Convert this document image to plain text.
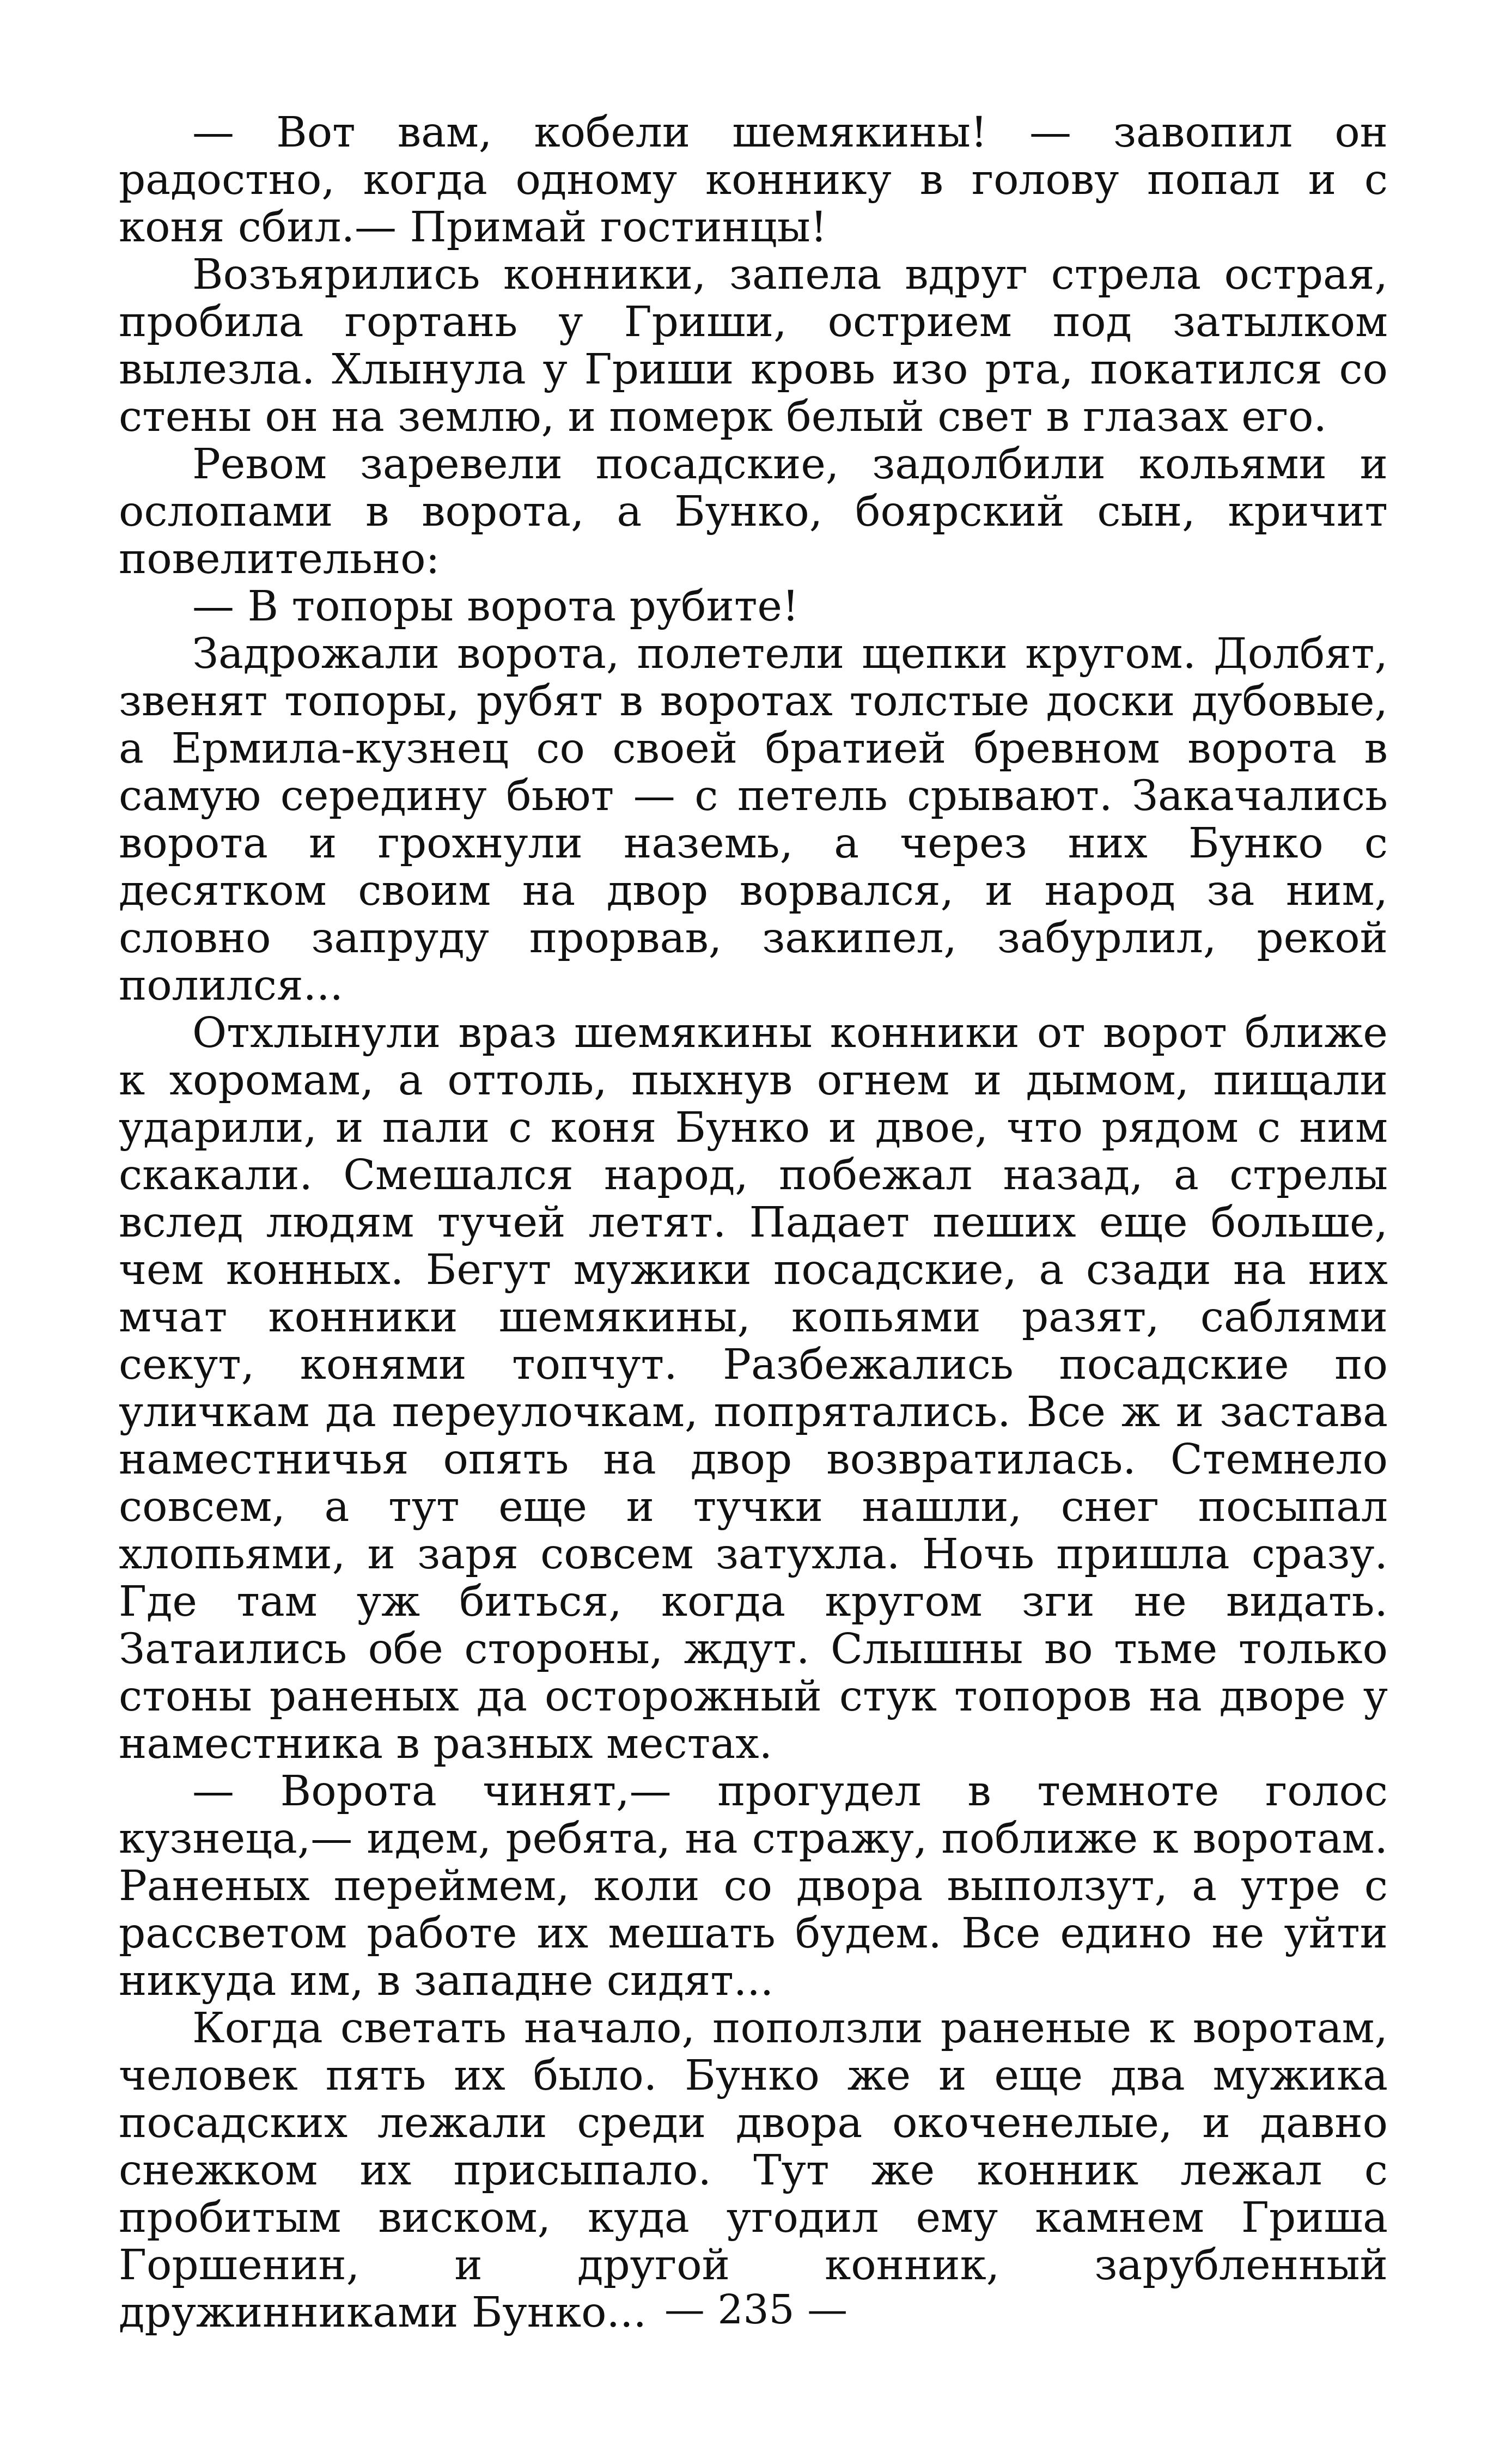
— Вот вам, кобели шемякины! — завопил он радостно, когда одному коннику в голову попал и с коня сбил.— Примай гостинцы!

Возъярились конники, запела вдруг стрела острая, пробила гортань у Гриши, острием под затылком вылезла. Хлынула у Гриши кровь изо рта, покатился со стены он на землю, и померк белый свет в глазах его.

Ревом заревели посадские, задолбили кольями и ослопами в ворота, а Бунко, боярский сын, кричит повелительно:

— В топоры ворота рубите!

Задрожали ворота, полетели щепки кругом. Долбят, звенят топоры, рубят в воротах толстые доски дубовые, а Ермила-кузнец со своей братией бревном ворота в самую середину бьют — с петель срывают. Закачались ворота и грохнули наземь, а через них Бунко с десятком своим на двор ворвался, и народ за ним, словно запруду прорвав, закипел, забурлил, рекой полился...

Отхлынули враз шемякины конники от ворот ближе к хоромам, а оттоль, пыхнув огнем и дымом, пищали ударили, и пали с коня Бунко и двое, что рядом с ним скакали. Смешался народ, побежал назад, а стрелы вслед людям тучей летят. Падает пеших еще больше, чем конных. Бегут мужики посадские, а сзади на них мчат конники шемякины, копьями разят, саблями секут, конями топчут. Разбежались посадские по уличкам да переулочкам, попрятались. Все ж и застава наместничья опять на двор возвратилась. Стемнело совсем, а тут еще и тучки нашли, снег посыпал хлопьями, и заря совсем затухла. Ночь пришла сразу. Где там уж биться, когда кругом зги не видать. Затаились обе стороны, ждут. Слышны во тьме только стоны раненых да осторожный стук топоров на дворе у наместника в разных местах.

— Ворота чинят,— прогудел в темноте голос кузнеца,— идем, ребята, на стражу, поближе к воротам. Раненых переймем, коли со двора выползут, а утре с рассветом работе их мешать будем. Все едино не уйти никуда им, в западне сидят...

Когда светать начало, поползли раненые к воротам, человек пять их было. Бунко же и еще два мужика посадских лежали среди двора окоченелые, и давно снежком их присыпало. Тут же конник лежал с пробитым виском, куда угодил ему камнем Гриша Горшенин, и другой конник, зарубленный дружинниками Бунко... — 235 —
